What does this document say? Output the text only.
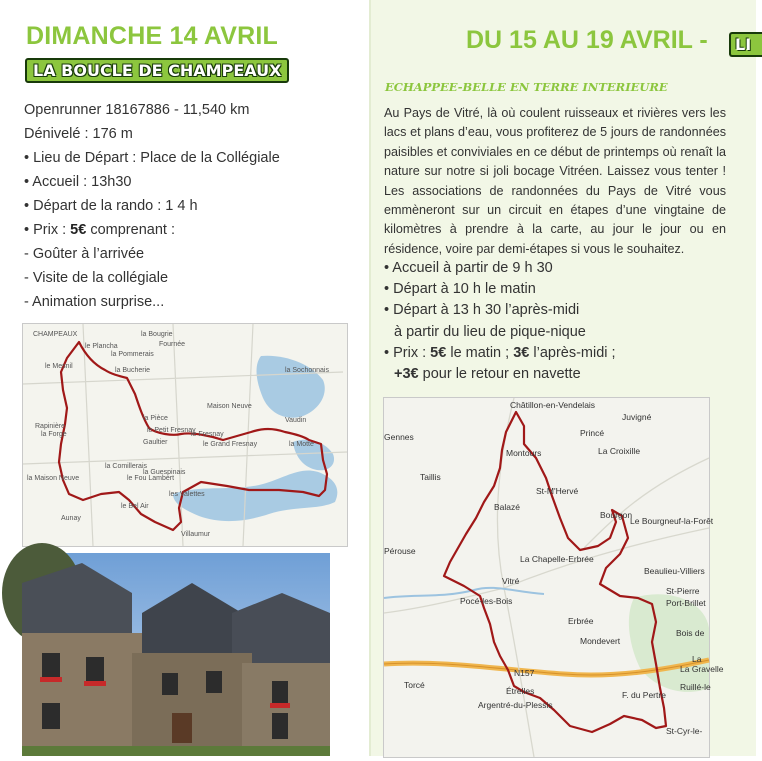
DIMANCHE 14 AVRIL
LA BOUCLE DE CHAMPEAUX
Openrunner 18167886 - 11,540 km
Dénivelé : 176 m
• Lieu de Départ : Place de la Collégiale
• Accueil : 13h30
• Départ de la rando : 1 4 h
• Prix : 5€ comprenant :
- Goûter à l’arrivée
- Visite de la collégiale
- Animation surprise...
CHAMPEAUX	la Bougrie
le Plancha	Fournée
la Pommerais
la Bucherie	la Sochonnais
le Mesnil
Maison Neuve
la Pièce	Vaudin
Rapinière
la Forge
le Petit Fresnay
le Fresnay
le Grand Fresnay	la Motte
Gaultier
la Comillerais
la Guespinais
le Fou Lambert
la Maison Neuve
les Valettes
le Bel Air
Aunay
Villaumur
DU 15 AU 19 AVRIL -	LI
ECHAPPEE-BELLE EN TERRE INTERIEURE

Au Pays de Vitré, là où coulent ruisseaux et rivières vers les lacs et plans d’eau, vous profiterez de 5 jours de randonnées paisibles et conviviales en ce début de printemps où renaît la nature sur notre si joli bocage Vitréen. Laissez vous tenter ! Les associations de randonnées du Pays de Vitré vous emmèneront sur un circuit en étapes d’une vingtaine de kilomètres à prendre à la carte, au jour le jour ou en résidence, voire par demi-étapes si vous le souhaitez.

• Accueil à partir de 9 h 30
• Départ à 10 h le matin
• Départ à 13 h 30 l’après-midi
à partir du lieu de pique-nique
• Prix : 5€ le matin ; 3€ l’après-midi ;
+3€ pour le retour en navette
Châtillon-en-Vendelais
Juvigné
Princé
La Croixille
Montours
Balazé
St-M'Hervé
Bourgon
Le Bourgneuf-la-Forêt
Pérouse
La Chapelle-Erbrée
Vitré
Pocé-les-Bois
Erbrée
Mondevert
Beaulieu-Villiers
St-Pierre
Port-Brillet
Bois de
Étrelles
Argentré-du-Plessis
Torcé
La Gravelle
Ruillé-le
St-Cyr-le-
F. du Pertre
N157
Taillis
Gennes
La
